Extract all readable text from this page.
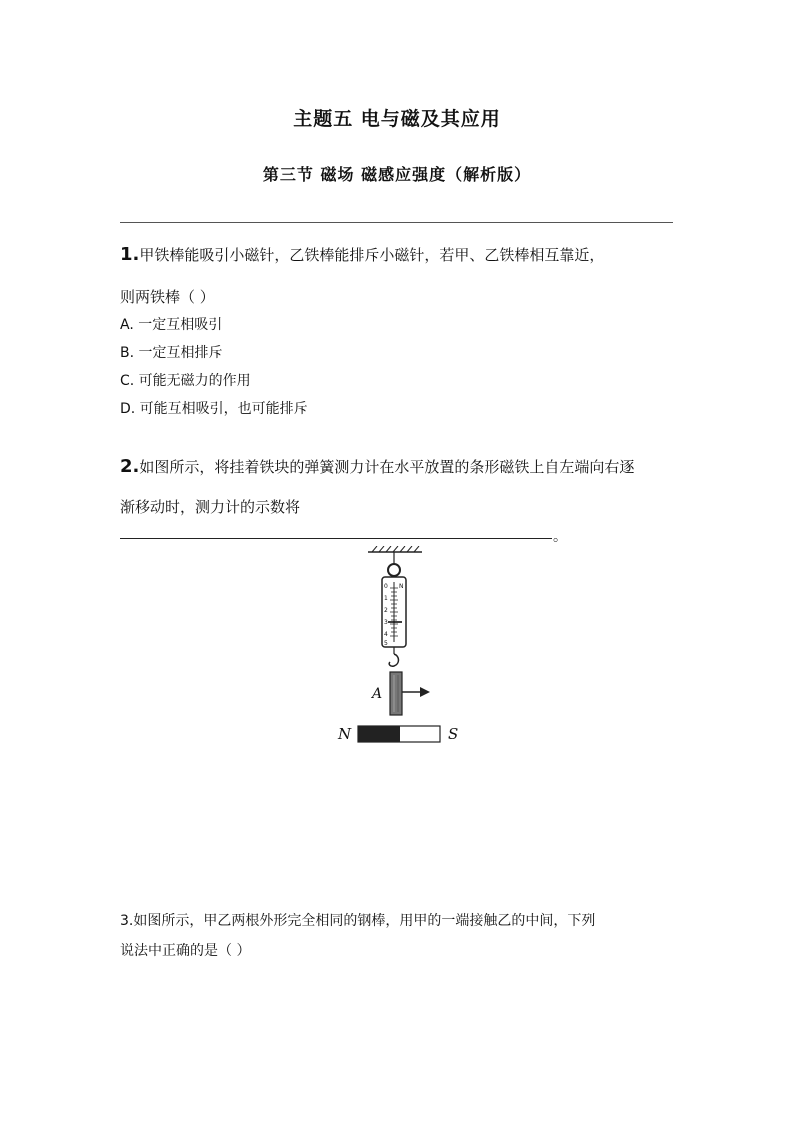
主题五 电与磁及其应用
第三节 磁场 磁感应强度（解析版）
1.甲铁棒能吸引小磁针，乙铁棒能排斥小磁针，若甲、乙铁棒相互靠近，
则两铁棒（ ）
A. 一定互相吸引
B. 一定互相排斥
C. 可能无磁力的作用
D. 可能互相吸引，也可能排斥
2.如图所示，将挂着铁块的弹簧测力计在水平放置的条形磁铁上自左端向右逐
渐移动时，测力计的示数将
。
0
1
2
3
4
5
N
A
N	S
3.如图所示，甲乙两根外形完全相同的钢棒，用甲的一端接触乙的中间，下列
说法中正确的是（ ）
